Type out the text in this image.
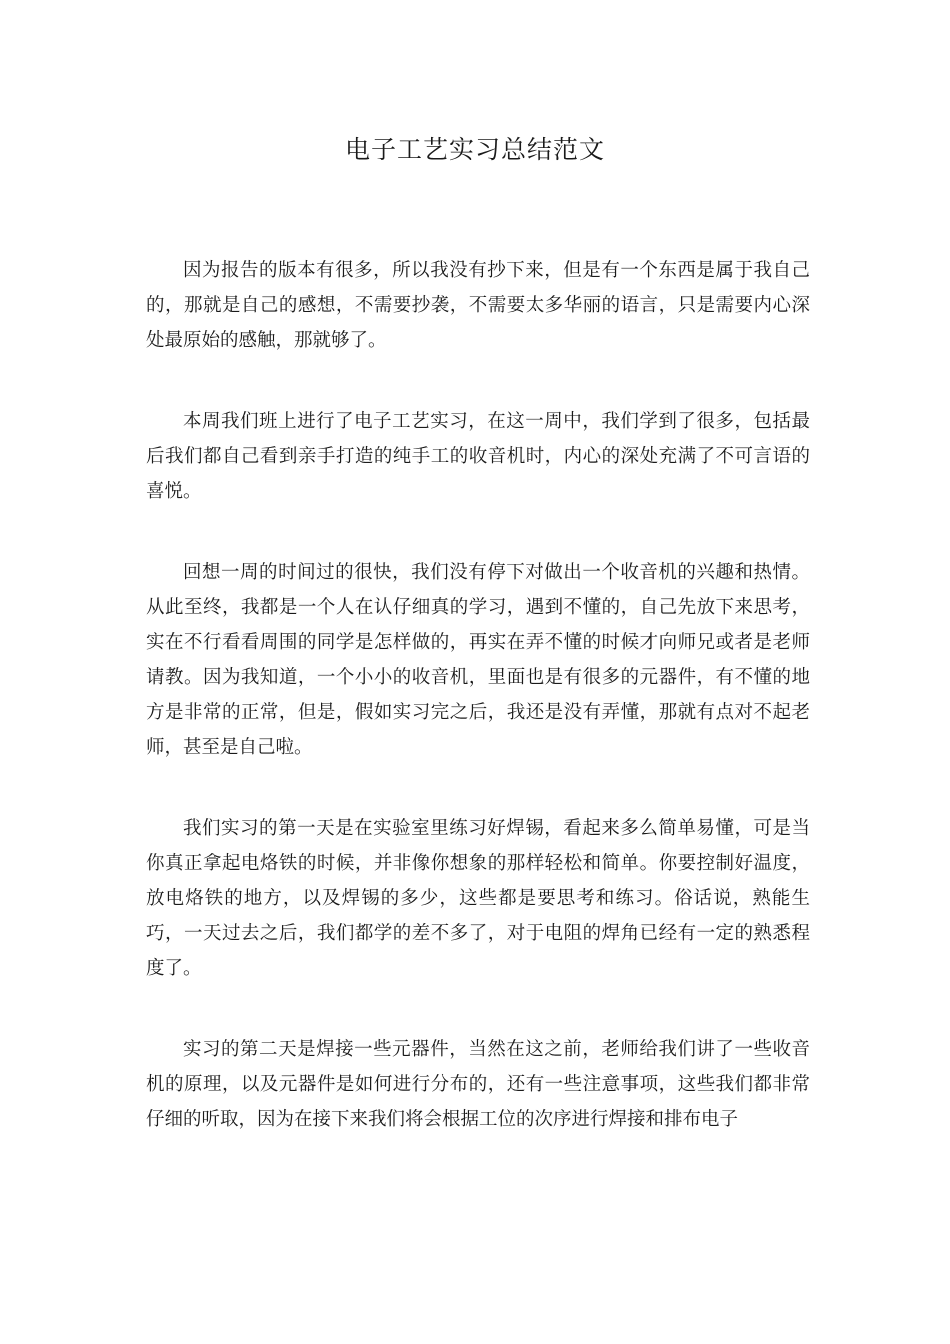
电子工艺实习总结范文

因为报告的版本有很多，所以我没有抄下来，但是有一个东西是属于我自己的，那就是自己的感想，不需要抄袭，不需要太多华丽的语言，只是需要内心深处最原始的感触，那就够了。

本周我们班上进行了电子工艺实习，在这一周中，我们学到了很多，包括最后我们都自己看到亲手打造的纯手工的收音机时，内心的深处充满了不可言语的喜悦。

回想一周的时间过的很快，我们没有停下对做出一个收音机的兴趣和热情。从此至终，我都是一个人在认仔细真的学习，遇到不懂的，自己先放下来思考，实在不行看看周围的同学是怎样做的，再实在弄不懂的时候才向师兄或者是老师请教。因为我知道，一个小小的收音机，里面也是有很多的元器件，有不懂的地方是非常的正常，但是，假如实习完之后，我还是没有弄懂，那就有点对不起老师，甚至是自己啦。

我们实习的第一天是在实验室里练习好焊锡，看起来多么简单易懂，可是当你真正拿起电烙铁的时候，并非像你想象的那样轻松和简单。你要控制好温度，放电烙铁的地方，以及焊锡的多少，这些都是要思考和练习。俗话说，熟能生巧，一天过去之后，我们都学的差不多了，对于电阻的焊角已经有一定的熟悉程度了。

实习的第二天是焊接一些元器件，当然在这之前，老师给我们讲了一些收音机的原理，以及元器件是如何进行分布的，还有一些注意事项，这些我们都非常仔细的听取，因为在接下来我们将会根据工位的次序进行焊接和排布电子
